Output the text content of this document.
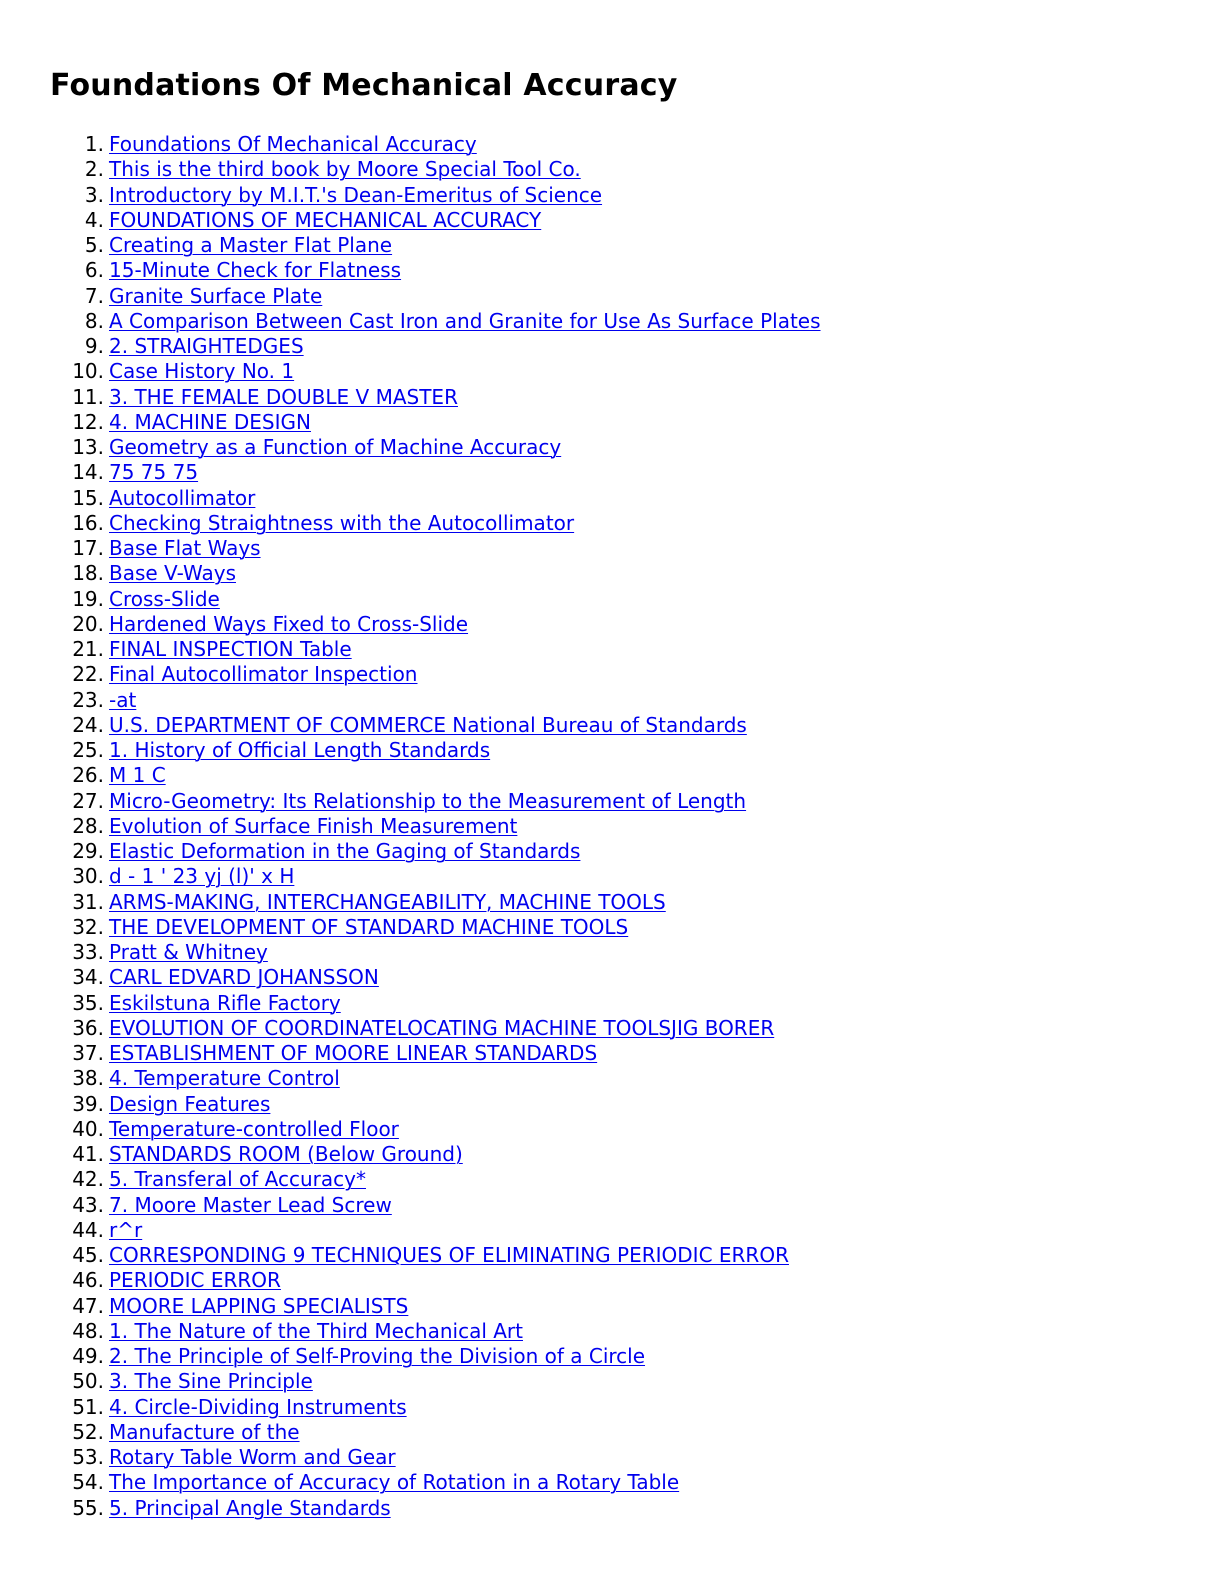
Foundations Of Mechanical Accuracy
1. Foundations Of Mechanical Accuracy
2. This is the third book by Moore Special Tool Co.
3. Introductory by M.I.T.'s Dean-Emeritus of Science
4. FOUNDATIONS OF MECHANICAL ACCURACY
5. Creating a Master Flat Plane
6. 15-Minute Check for Flatness
7. Granite Surface Plate
8. A Comparison Between Cast Iron and Granite for Use As Surface Plates
9. 2. STRAIGHTEDGES
10. Case History No. 1
11. 3. THE FEMALE DOUBLE V MASTER
12. 4. MACHINE DESIGN
13. Geometry as a Function of Machine Accuracy
14. 75 75 75
15. Autocollimator
16. Checking Straightness with the Autocollimator
17. Base Flat Ways
18. Base V-Ways
19. Cross-Slide
20. Hardened Ways Fixed to Cross-Slide
21. FINAL INSPECTION Table
22. Final Autocollimator Inspection
23. -at
24. U.S. DEPARTMENT OF COMMERCE National Bureau of Standards
25. 1. History of Official Length Standards
26. M 1 C
27. Micro-Geometry: Its Relationship to the Measurement of Length
28. Evolution of Surface Finish Measurement
29. Elastic Deformation in the Gaging of Standards
30. d - 1 ' 23 yj (l)' x H
31. ARMS-MAKING, INTERCHANGEABILITY, MACHINE TOOLS
32. THE DEVELOPMENT OF STANDARD MACHINE TOOLS
33. Pratt & Whitney
34. CARL EDVARD JOHANSSON
35. Eskilstuna Rifle Factory
36. EVOLUTION OF COORDINATELOCATING MACHINE TOOLSJIG BORER
37. ESTABLISHMENT OF MOORE LINEAR STANDARDS
38. 4. Temperature Control
39. Design Features
40. Temperature-controlled Floor
41. STANDARDS ROOM (Below Ground)
42. 5. Transferal of Accuracy*
43. 7. Moore Master Lead Screw
44. r^r
45. CORRESPONDING 9 TECHNIQUES OF ELIMINATING PERIODIC ERROR
46. PERIODIC ERROR
47. MOORE LAPPING SPECIALISTS
48. 1. The Nature of the Third Mechanical Art
49. 2. The Principle of Self-Proving the Division of a Circle
50. 3. The Sine Principle
51. 4. Circle-Dividing Instruments
52. Manufacture of the
53. Rotary Table Worm and Gear
54. The Importance of Accuracy of Rotation in a Rotary Table
55. 5. Principal Angle Standards
